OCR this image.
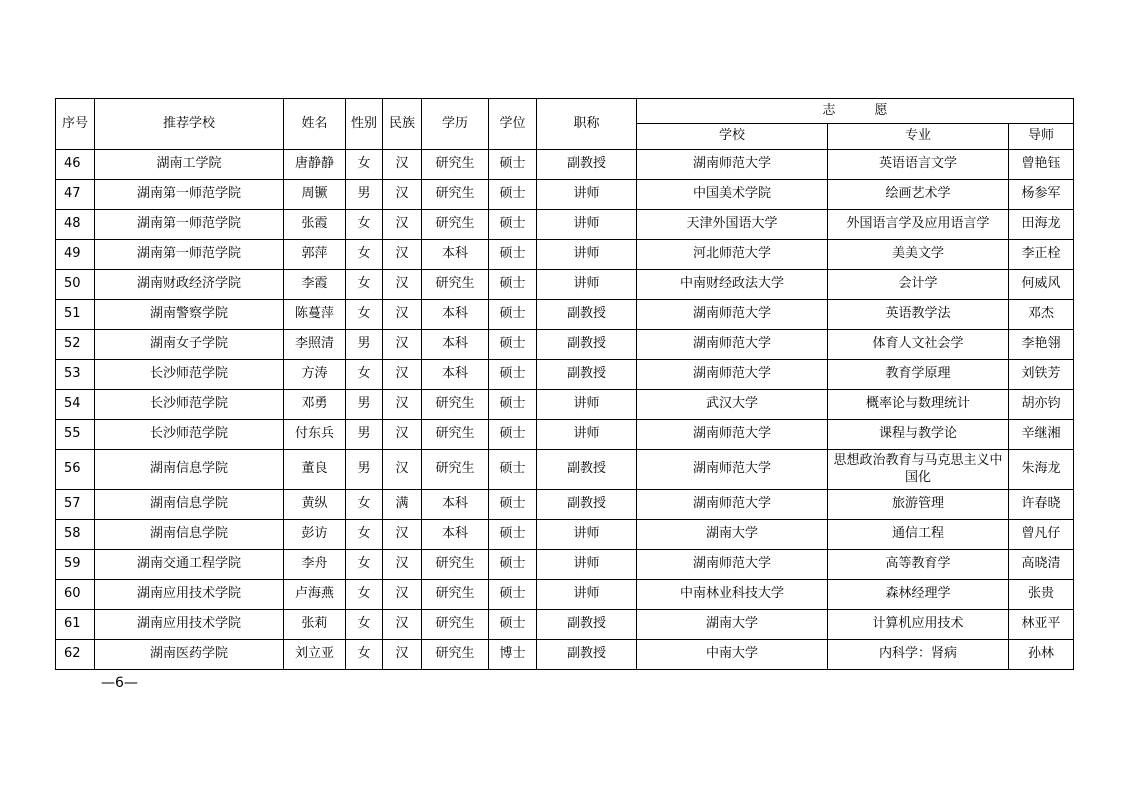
序号	推荐学校	姓名	性别	民族	学历	学位	职称	志　　　愿		
								学校	专业	导师
46	湖南工学院	唐静静	女	汉	研究生	硕士	副教授	湖南师范大学	英语语言文学	曾艳钰
47	湖南第一师范学院	周镢	男	汉	研究生	硕士	讲师	中国美术学院	绘画艺术学	杨参军
48	湖南第一师范学院	张霞	女	汉	研究生	硕士	讲师	天津外国语大学	外国语言学及应用语言学	田海龙
49	湖南第一师范学院	郭萍	女	汉	本科	硕士	讲师	河北师范大学	美美文学	李正栓
50	湖南财政经济学院	李霞	女	汉	研究生	硕士	讲师	中南财经政法大学	会计学	何威风
51	湖南警察学院	陈蔓萍	女	汉	本科	硕士	副教授	湖南师范大学	英语教学法	邓杰
52	湖南女子学院	李照清	男	汉	本科	硕士	副教授	湖南师范大学	体育人文社会学	李艳翎
53	长沙师范学院	方涛	女	汉	本科	硕士	副教授	湖南师范大学	教育学原理	刘铁芳
54	长沙师范学院	邓勇	男	汉	研究生	硕士	讲师	武汉大学	概率论与数理统计	胡亦钧
55	长沙师范学院	付东兵	男	汉	研究生	硕士	讲师	湖南师范大学	课程与教学论	辛继湘
56	湖南信息学院	董良	男	汉	研究生	硕士	副教授	湖南师范大学	思想政治教育与马克思主义中国化	朱海龙
57	湖南信息学院	黄纵	女	满	本科	硕士	副教授	湖南师范大学	旅游管理	许春晓
58	湖南信息学院	彭访	女	汉	本科	硕士	讲师	湖南大学	通信工程	曾凡仔
59	湖南交通工程学院	李舟	女	汉	研究生	硕士	讲师	湖南师范大学	高等教育学	高晓清
60	湖南应用技术学院	卢海燕	女	汉	研究生	硕士	讲师	中南林业科技大学	森林经理学	张贵
61	湖南应用技术学院	张莉	女	汉	研究生	硕士	副教授	湖南大学	计算机应用技术	林亚平
62	湖南医药学院	刘立亚	女	汉	研究生	博士	副教授	中南大学	内科学：肾病	孙林
—6—
